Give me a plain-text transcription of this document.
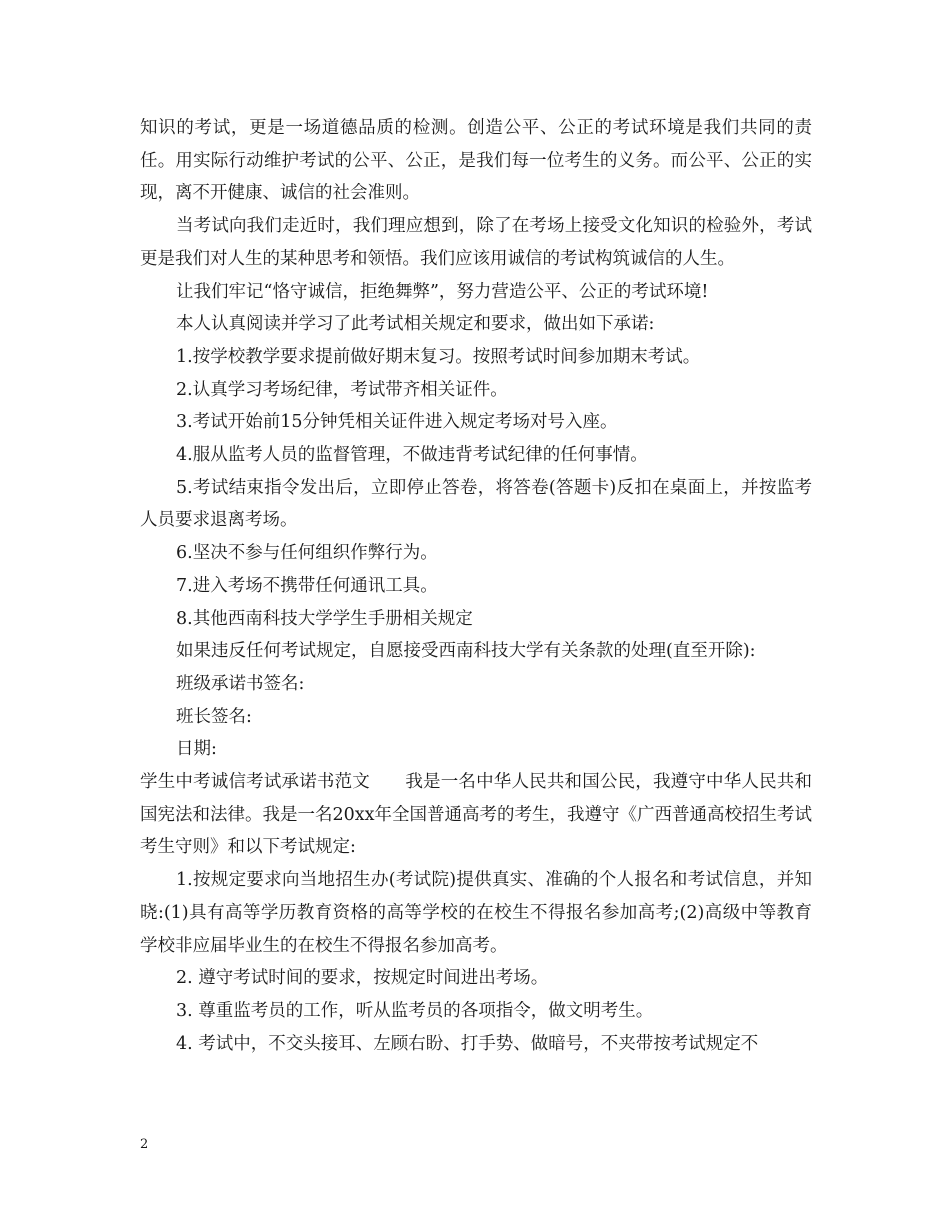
知识的考试，更是一场道德品质的检测。创造公平、公正的考试环境是我们共同的责任。用实际行动维护考试的公平、公正，是我们每一位考生的义务。而公平、公正的实现，离不开健康、诚信的社会准则。

当考试向我们走近时，我们理应想到，除了在考场上接受文化知识的检验外，考试更是我们对人生的某种思考和领悟。我们应该用诚信的考试构筑诚信的人生。

让我们牢记“恪守诚信，拒绝舞弊”，努力营造公平、公正的考试环境!

本人认真阅读并学习了此考试相关规定和要求，做出如下承诺:

1.按学校教学要求提前做好期末复习。按照考试时间参加期末考试。

2.认真学习考场纪律，考试带齐相关证件。

3.考试开始前15分钟凭相关证件进入规定考场对号入座。

4.服从监考人员的监督管理，不做违背考试纪律的任何事情。

5.考试结束指令发出后，立即停止答卷，将答卷(答题卡)反扣在桌面上，并按监考人员要求退离考场。

6.坚决不参与任何组织作弊行为。

7.进入考场不携带任何通讯工具。

8.其他西南科技大学学生手册相关规定

如果违反任何考试规定，自愿接受西南科技大学有关条款的处理(直至开除):

班级承诺书签名:

班长签名:

日期:

学生中考诚信考试承诺书范文　　我是一名中华人民共和国公民，我遵守中华人民共和国宪法和法律。我是一名20xx年全国普通高考的考生，我遵守《广西普通高校招生考试考生守则》和以下考试规定:

1.按规定要求向当地招生办(考试院)提供真实、准确的个人报名和考试信息，并知晓:(1)具有高等学历教育资格的高等学校的在校生不得报名参加高考;(2)高级中等教育学校非应届毕业生的在校生不得报名参加高考。

2. 遵守考试时间的要求，按规定时间进出考场。

3. 尊重监考员的工作，听从监考员的各项指令，做文明考生。

4. 考试中，不交头接耳、左顾右盼、打手势、做暗号，不夹带按考试规定不

2
